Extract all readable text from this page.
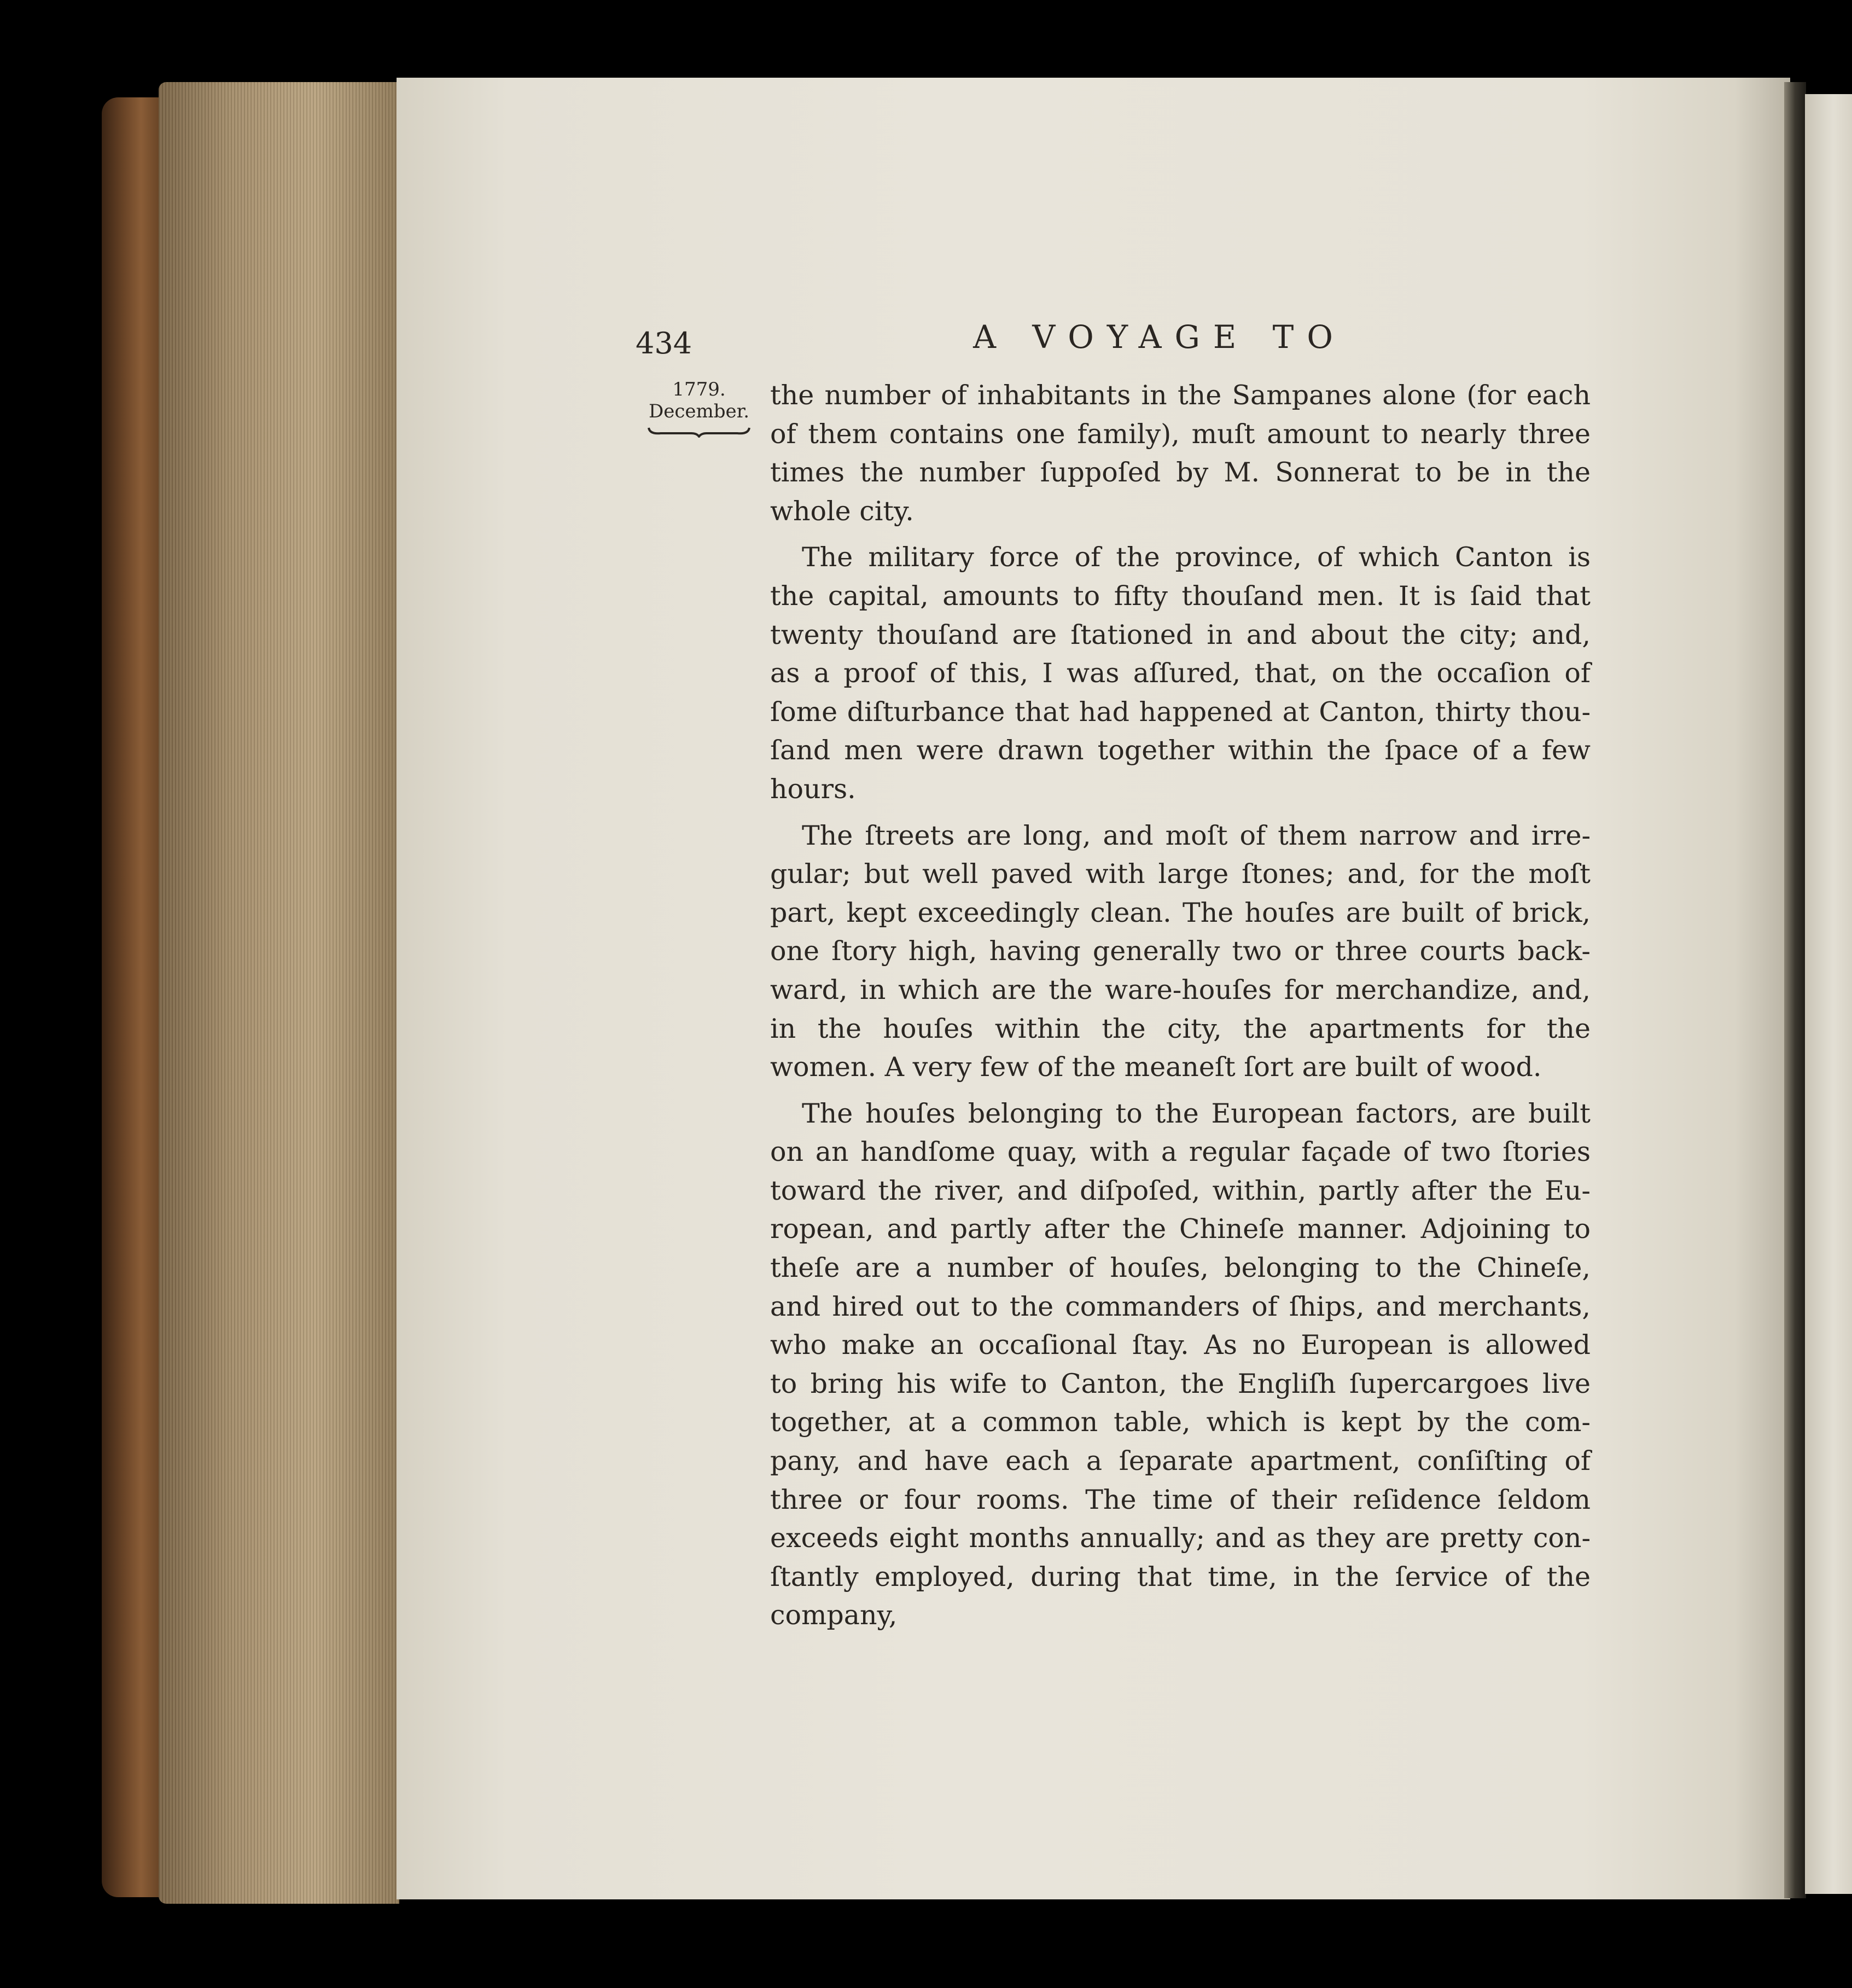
434	A VOYAGE TO
1779.
December.

the number of inhabitants in the Sampanes alone (for each
of them contains one family), muſt amount to nearly three
times the number ſuppoſed by M. Sonnerat to be in the
whole city.

The military force of the province, of which Canton is
the capital, amounts to fifty thouſand men. It is ſaid that
twenty thouſand are ſtationed in and about the city; and,
as a proof of this, I was aſſured, that, on the occaſion of
ſome diſturbance that had happened at Canton, thirty thou-
ſand men were drawn together within the ſpace of a few
hours.

The ſtreets are long, and moſt of them narrow and irre-
gular; but well paved with large ſtones; and, for the moſt
part, kept exceedingly clean. The houſes are built of brick,
one ſtory high, having generally two or three courts back-
ward, in which are the ware-houſes for merchandize, and,
in the houſes within the city, the apartments for the
women. A very few of the meaneſt ſort are built of wood.

The houſes belonging to the European factors, are built
on an handſome quay, with a regular façade of two ſtories
toward the river, and diſpoſed, within, partly after the Eu-
ropean, and partly after the Chineſe manner. Adjoining to
theſe are a number of houſes, belonging to the Chineſe,
and hired out to the commanders of ſhips, and merchants,
who make an occaſional ſtay. As no European is allowed
to bring his wife to Canton, the Engliſh ſupercargoes live
together, at a common table, which is kept by the com-
pany, and have each a ſeparate apartment, conſiſting of
three or four rooms. The time of their reſidence ſeldom
exceeds eight months annually; and as they are pretty con-
ſtantly employed, during that time, in the ſervice of the
company,
